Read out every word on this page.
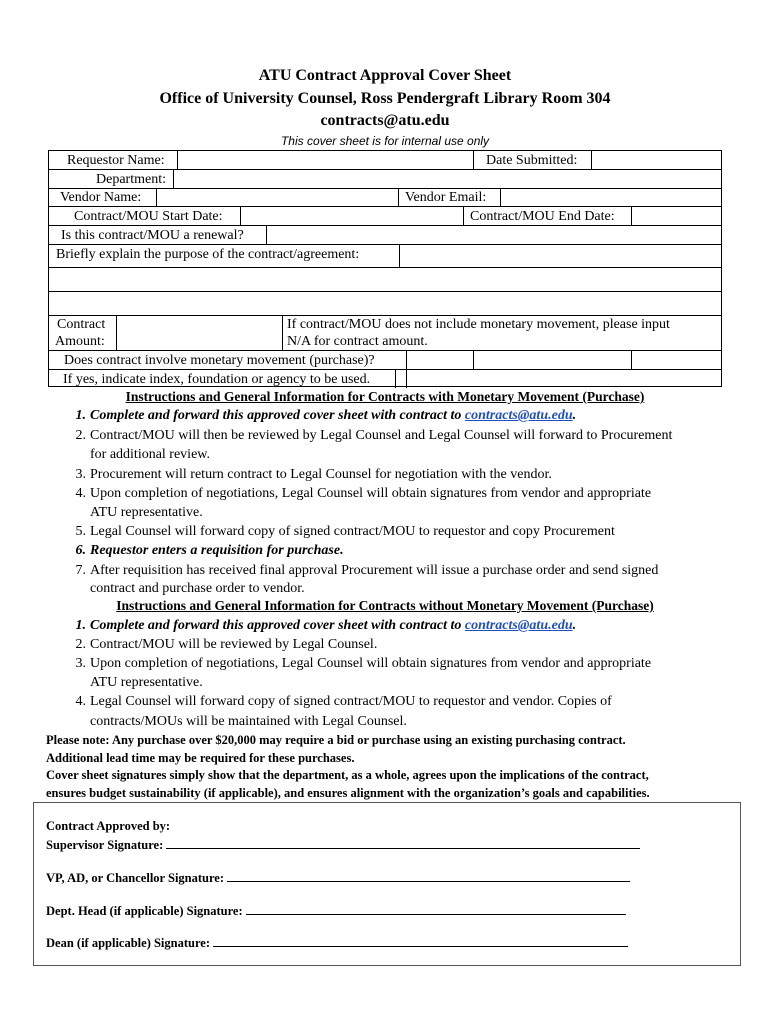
ATU Contract Approval Cover Sheet
Office of University Counsel, Ross Pendergraft Library Room 304
contracts@atu.edu
This cover sheet is for internal use only
Requestor Name:	Date Submitted:
Department:
Vendor Name:	Vendor Email:
Contract/MOU Start Date:	Contract/MOU End Date:
Is this contract/MOU a renewal?
Briefly explain the purpose of the contract/agreement:
Contract
Amount:
If contract/MOU does not include monetary movement, please input
N/A for contract amount.
Does contract involve monetary movement (purchase)?
If yes, indicate index, foundation or agency to be used.
Instructions and General Information for Contracts with Monetary Movement (Purchase)
1. Complete and forward this approved cover sheet with contract to contracts@atu.edu.
2. Contract/MOU will then be reviewed by Legal Counsel and Legal Counsel will forward to Procurement
for additional review.
3. Procurement will return contract to Legal Counsel for negotiation with the vendor.
4. Upon completion of negotiations, Legal Counsel will obtain signatures from vendor and appropriate
ATU representative.
5. Legal Counsel will forward copy of signed contract/MOU to requestor and copy Procurement
6. Requestor enters a requisition for purchase.
7. After requisition has received final approval Procurement will issue a purchase order and send signed
contract and purchase order to vendor.
Instructions and General Information for Contracts without Monetary Movement (Purchase)
1. Complete and forward this approved cover sheet with contract to contracts@atu.edu.
2. Contract/MOU will be reviewed by Legal Counsel.
3. Upon completion of negotiations, Legal Counsel will obtain signatures from vendor and appropriate
ATU representative.
4. Legal Counsel will forward copy of signed contract/MOU to requestor and vendor. Copies of
contracts/MOUs will be maintained with Legal Counsel.
Please note: Any purchase over $20,000 may require a bid or purchase using an existing purchasing contract.
Additional lead time may be required for these purchases.
Cover sheet signatures simply show that the department, as a whole, agrees upon the implications of the contract,
ensures budget sustainability (if applicable), and ensures alignment with the organization’s goals and capabilities.
Contract Approved by:
Supervisor Signature:
VP, AD, or Chancellor Signature:
Dept. Head (if applicable) Signature:
Dean (if applicable) Signature:
